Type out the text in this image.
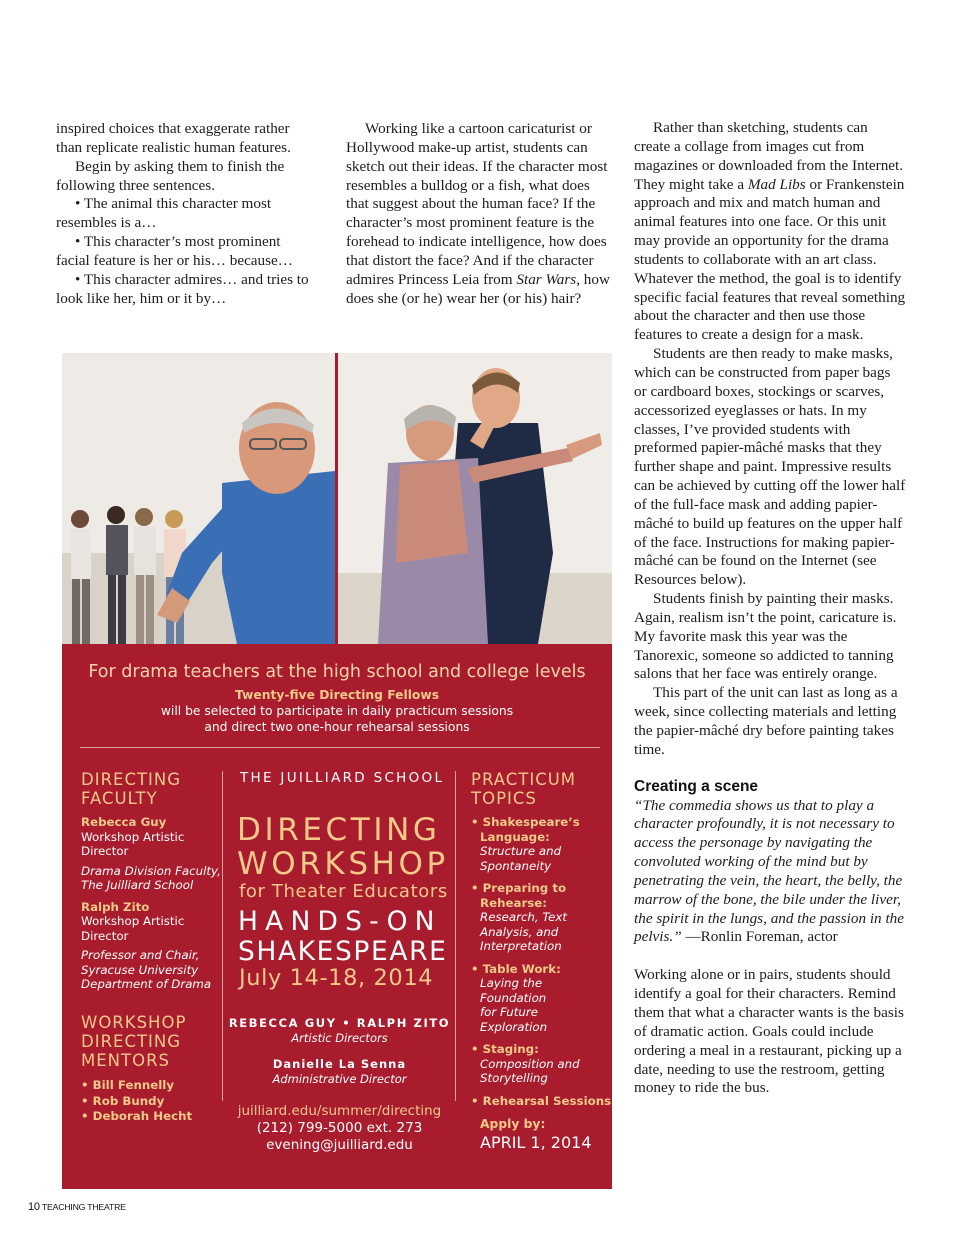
inspired choices that exaggerate rather than replicate realistic human features.

Begin by asking them to finish the following three sentences.

• The animal this character most resembles is a…

• This character’s most prominent facial feature is her or his… because…

• This character admires… and tries to look like her, him or it by…

Working like a cartoon caricaturist or Hollywood make-up artist, students can sketch out their ideas. If the character most resembles a bulldog or a fish, what does that suggest about the human face? If the character’s most prominent feature is the forehead to indicate intelligence, how does that distort the face? And if the character admires Princess Leia from Star Wars, how does she (or he) wear her (or his) hair?

Rather than sketching, students can create a collage from images cut from magazines or downloaded from the Internet. They might take a Mad Libs or Frankenstein approach and mix and match human and animal features into one face. Or this unit may provide an opportunity for the drama students to collaborate with an art class. Whatever the method, the goal is to identify specific facial features that reveal something about the character and then use those features to create a design for a mask.

Students are then ready to make masks, which can be constructed from paper bags or cardboard boxes, stockings or scarves, accessorized eyeglasses or hats. In my classes, I’ve provided students with preformed papier-mâché masks that they further shape and paint. Impressive results can be achieved by cutting off the lower half of the full-face mask and adding papier-mâché to build up features on the upper half of the face. Instructions for making papier-mâché can be found on the Internet (see Resources below).

Students finish by painting their masks. Again, realism isn’t the point, caricature is. My favorite mask this year was the Tanorexic, someone so addicted to tanning salons that her face was entirely orange.

This part of the unit can last as long as a week, since collecting materials and letting the papier-mâché dry before painting takes time.

Creating a scene

“The commedia shows us that to play a character profoundly, it is not necessary to access the personage by navigating the convoluted working of the mind but by penetrating the vein, the heart, the belly, the marrow of the bone, the bile under the liver, the spirit in the lungs, and the passion in the pelvis.” —Ronlin Foreman, actor

Working alone or in pairs, students should identify a goal for their characters. Remind them that what a character wants is the basis of dramatic action. Goals could include ordering a meal in a restaurant, picking up a date, needing to use the restroom, getting money to ride the bus.

For drama teachers at the high school and college levels
Twenty-five Directing Fellows
will be selected to participate in daily practicum sessions
and direct two one-hour rehearsal sessions
DIRECTING
FACULTY
Rebecca Guy
Workshop Artistic
Director
Drama Division Faculty,
The Juilliard School
Ralph Zito
Workshop Artistic
Director
Professor and Chair,
Syracuse University
Department of Drama
WORKSHOP
DIRECTING
MENTORS
• Bill Fennelly
• Rob Bundy
• Deborah Hecht
THE JUILLIARD SCHOOL
DIRECTING
WORKSHOP
for Theater Educators
HANDS-ON
SHAKESPEARE
July 14-18, 2014
REBECCA GUY • RALPH ZITO
Artistic Directors
Danielle La Senna
Administrative Director
juilliard.edu/summer/directing
(212) 799-5000 ext. 273
evening@juilliard.edu
PRACTICUM
TOPICS
• Shakespeare’s
Language:
Structure and
Spontaneity
• Preparing to
Rehearse:
Research, Text
Analysis, and
Interpretation
• Table Work:
Laying the
Foundation
for Future
Exploration
• Staging:
Composition and
Storytelling
• Rehearsal Sessions
Apply by:
APRIL 1, 2014
10 TEACHING THEATRE
